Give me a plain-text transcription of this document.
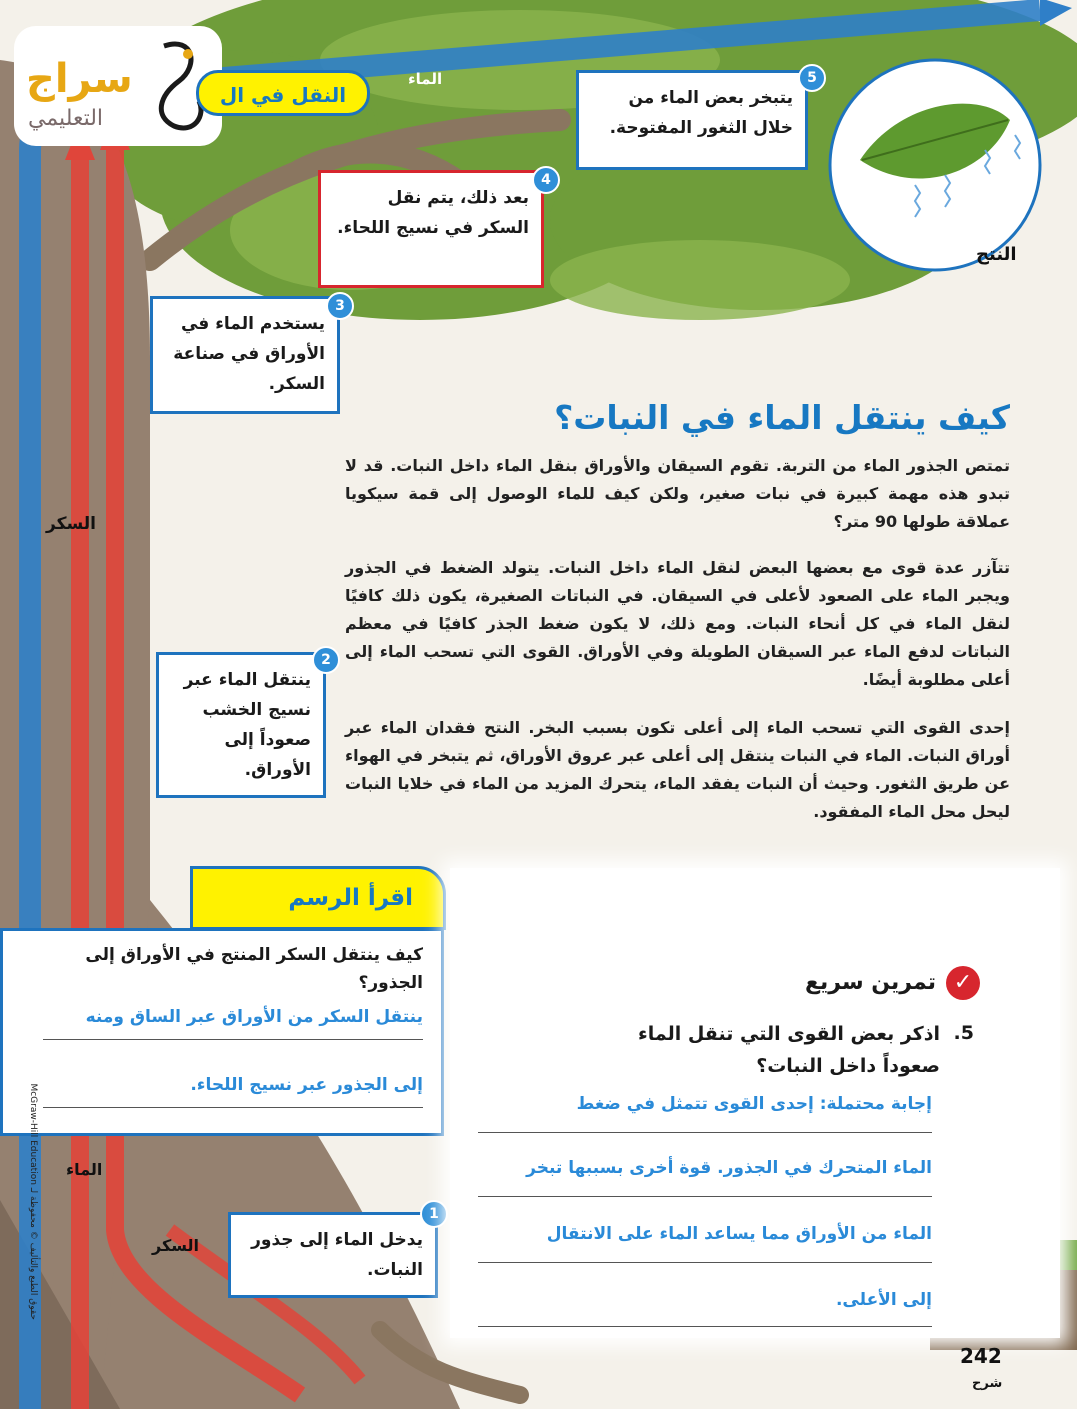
سراج
التعليمي
النقل في ال
الماء
يتبخر بعض الماء من خلال الثغور المفتوحة.
5
النتح
بعد ذلك، يتم نقل السكر في نسيج اللحاء.
4
يستخدم الماء في الأوراق في صناعة السكر.
3
السكر
كيف ينتقل الماء في النبات؟
تمتص الجذور الماء من التربة. تقوم السيقان والأوراق بنقل الماء داخل النبات. قد لا تبدو هذه مهمة كبيرة في نبات صغير، ولكن كيف للماء الوصول إلى قمة سيكويا عملاقة طولها 90 متر؟
تتآزر عدة قوى مع بعضها البعض لنقل الماء داخل النبات. يتولد الضغط في الجذور ويجبر الماء على الصعود لأعلى في السيقان. في النباتات الصغيرة، يكون ذلك كافيًا لنقل الماء في كل أنحاء النبات. ومع ذلك، لا يكون ضغط الجذر كافيًا في معظم النباتات لدفع الماء عبر السيقان الطويلة وفي الأوراق. القوى التي تسحب الماء إلى أعلى مطلوبة أيضًا.
إحدى القوى التي تسحب الماء إلى أعلى تكون بسبب البخر. النتح فقدان الماء عبر أوراق النبات. الماء في النبات ينتقل إلى أعلى عبر عروق الأوراق، ثم يتبخر في الهواء عن طريق الثغور. وحيث أن النبات يفقد الماء، يتحرك المزيد من الماء في خلايا النبات ليحل محل الماء المفقود.
ينتقل الماء عبر نسيج الخشب صعوداً إلى الأوراق.
2
اقرأ الرسم
كيف ينتقل السكر المنتج في الأوراق إلى الجذور؟
ينتقل السكر من الأوراق عبر الساق ومنه
إلى الجذور عبر نسيج اللحاء.
حقوق الطبع والتأليف © محفوظة لـ McGraw-Hill Education
الماء
السكر	يدخل الماء إلى جذور النبات.
1
✓
تمرين سريع
5.
اذكر بعض القوى التي تنقل الماء صعوداً داخل النبات؟
إجابة محتملة: إحدى القوى تتمثل في ضغط
الماء المتحرك في الجذور. قوة أخرى بسببها تبخر
الماء من الأوراق مما يساعد الماء على الانتقال
إلى الأعلى.
242
شرح
